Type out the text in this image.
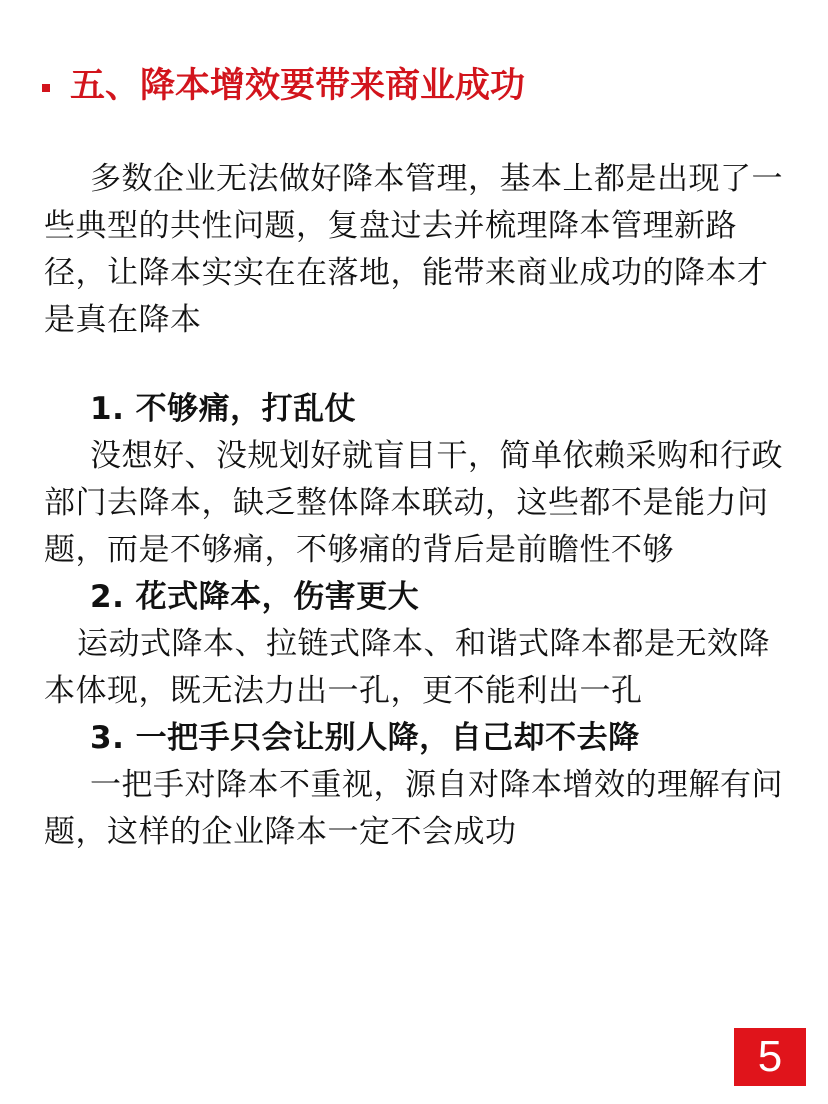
五、降本增效要带来商业成功

多数企业无法做好降本管理，基本上都是出现了一些典型的共性问题，复盘过去并梳理降本管理新路径，让降本实实在在落地，能带来商业成功的降本才是真在降本

1. 不够痛，打乱仗

没想好、没规划好就盲目干，简单依赖采购和行政部门去降本，缺乏整体降本联动，这些都不是能力问题，而是不够痛，不够痛的背后是前瞻性不够

2. 花式降本，伤害更大

运动式降本、拉链式降本、和谐式降本都是无效降本体现，既无法力出一孔，更不能利出一孔

3. 一把手只会让别人降，自己却不去降

一把手对降本不重视，源自对降本增效的理解有问题，这样的企业降本一定不会成功

5
